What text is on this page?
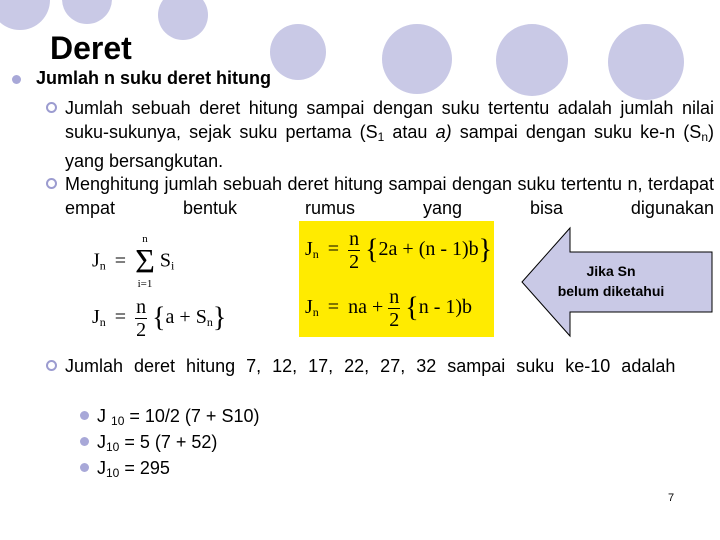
Deret
Jumlah n suku deret hitung
Jumlah sebuah deret hitung sampai dengan suku tertentu adalah jumlah nilai suku-sukunya, sejak suku pertama ($S_1$ atau a) sampai dengan suku ke-n $(S_n)$ yang bersangkutan.
Menghitung jumlah sebuah deret hitung sampai dengan suku tertentu n, terdapat empat bentuk rumus yang bisa digunakan
$J_n$ =
n
Σ
i=1
$S_i$
$J_n = \frac{n}{2} \{a + S_n\}$
$J_n = \frac{n}{2} \{2a + (n - 1)b\}$
$J_n$ = na + $\frac{n}{2} \{n - 1)b$
Jika Sn
belum diketahui
Jumlah deret hitung 7, 12, 17, 22, 27, 32 sampai suku ke-10 adalah
J $_{10}$ = 10/2 (7 + S10)
$J_{10} = 5$ (7 + 52)
$J_{10} = 295$
7
